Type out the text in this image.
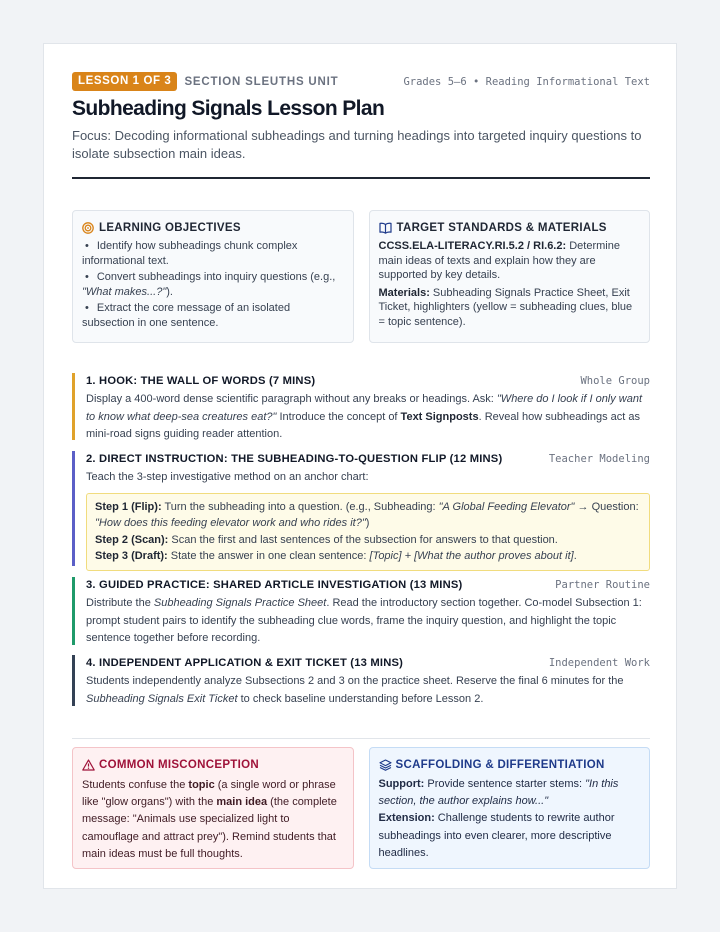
LESSON 1 OF 3	SECTION SLEUTHS UNIT	Grades 5–6 • Reading Informational Text
Subheading Signals Lesson Plan

Focus: Decoding informational subheadings and turning headings into targeted inquiry questions to isolate subsection main ideas.

LEARNING OBJECTIVES
• Identify how subheadings chunk complex informational text.
• Convert subheadings into inquiry questions (e.g., "What makes...?").
• Extract the core message of an isolated subsection in one sentence.
TARGET STANDARDS & MATERIALS

CCSS.ELA-LITERACY.RI.5.2 / RI.6.2: Determine main ideas of texts and explain how they are supported by key details.

Materials: Subheading Signals Practice Sheet, Exit Ticket, highlighters (yellow = subheading clues, blue = topic sentence).

1. HOOK: THE WALL OF WORDS (7 MINS)	Whole Group
Display a 400-word dense scientific paragraph without any breaks or headings. Ask: "Where do I look if I only want to know what deep-sea creatures eat?" Introduce the concept of Text Signposts. Reveal how subheadings act as mini-road signs guiding reader attention.
2. DIRECT INSTRUCTION: THE SUBHEADING-TO-QUESTION FLIP (12 MINS)	Teacher Modeling
Teach the 3-step investigative method on an anchor chart:
Step 1 (Flip): Turn the subheading into a question. (e.g., Subheading: "A Global Feeding Elevator" → Question: "How does this feeding elevator work and who rides it?")
Step 2 (Scan): Scan the first and last sentences of the subsection for answers to that question.
Step 3 (Draft): State the answer in one clean sentence: [Topic] + [What the author proves about it].
3. GUIDED PRACTICE: SHARED ARTICLE INVESTIGATION (13 MINS)	Partner Routine
Distribute the Subheading Signals Practice Sheet. Read the introductory section together. Co-model Subsection 1: prompt student pairs to identify the subheading clue words, frame the inquiry question, and highlight the topic sentence together before recording.
4. INDEPENDENT APPLICATION & EXIT TICKET (13 MINS)	Independent Work
Students independently analyze Subsections 2 and 3 on the practice sheet. Reserve the final 6 minutes for the Subheading Signals Exit Ticket to check baseline understanding before Lesson 2.
COMMON MISCONCEPTION

Students confuse the topic (a single word or phrase like "glow organs") with the main idea (the complete message: "Animals use specialized light to camouflage and attract prey"). Remind students that main ideas must be full thoughts.

SCAFFOLDING & DIFFERENTIATION

Support: Provide sentence starter stems: "In this section, the author explains how..."

Extension: Challenge students to rewrite author subheadings into even clearer, more descriptive headlines.
